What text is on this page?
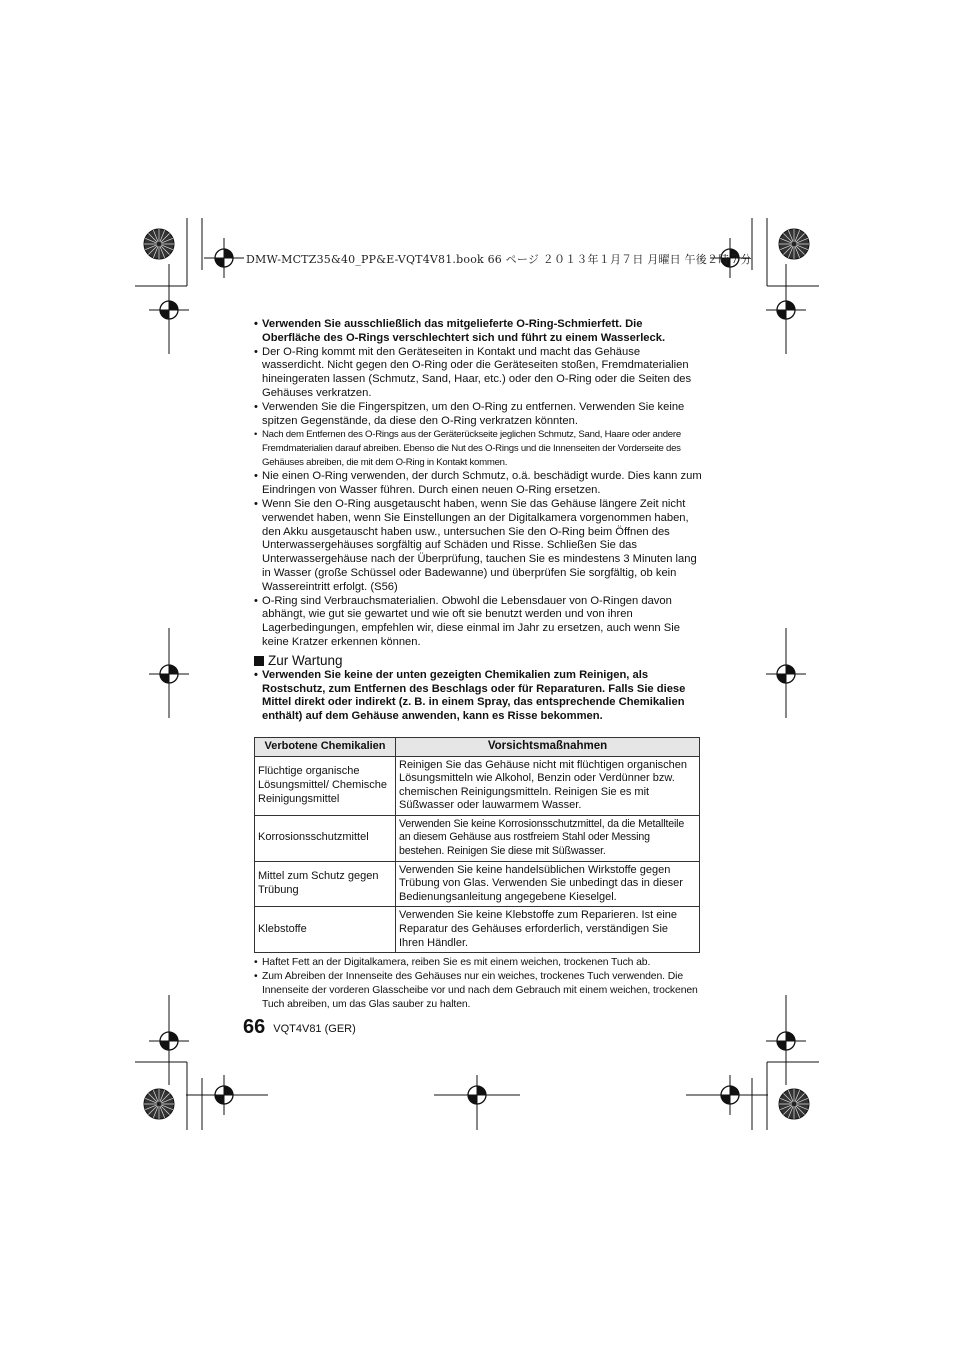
DMW-MCTZ35&40_PP&E-VQT4V81.book 66 ページ ２０１３年１月７日 月曜日 午後２時７分
• Verwenden Sie ausschließlich das mitgelieferte O-Ring-Schmierfett. Die Oberfläche des O-Rings verschlechtert sich und führt zu einem Wasserleck.
• Der O-Ring kommt mit den Geräteseiten in Kontakt und macht das Gehäuse wasserdicht. Nicht gegen den O-Ring oder die Geräteseiten stoßen, Fremdmaterialien hineingeraten lassen (Schmutz, Sand, Haar, etc.) oder den O-Ring oder die Seiten des Gehäuses verkratzen.
• Verwenden Sie die Fingerspitzen, um den O-Ring zu entfernen. Verwenden Sie keine spitzen Gegenstände, da diese den O-Ring verkratzen könnten.
• Nach dem Entfernen des O-Rings aus der Geräterückseite jeglichen Schmutz, Sand, Haare oder andere Fremdmaterialien darauf abreiben. Ebenso die Nut des O-Rings und die Innenseiten der Vorderseite des Gehäuses abreiben, die mit dem O-Ring in Kontakt kommen.
• Nie einen O-Ring verwenden, der durch Schmutz, o.ä. beschädigt wurde. Dies kann zum Eindringen von Wasser führen. Durch einen neuen O-Ring ersetzen.
• Wenn Sie den O-Ring ausgetauscht haben, wenn Sie das Gehäuse längere Zeit nicht verwendet haben, wenn Sie Einstellungen an der Digitalkamera vorgenommen haben, den Akku ausgetauscht haben usw., untersuchen Sie den O-Ring beim Öffnen des Unterwassergehäuses sorgfältig auf Schäden und Risse. Schließen Sie das Unterwassergehäuse nach der Überprüfung, tauchen Sie es mindestens 3 Minuten lang in Wasser (große Schüssel oder Badewanne) und überprüfen Sie sorgfältig, ob kein Wassereintritt erfolgt. (S56)
• O-Ring sind Verbrauchsmaterialien. Obwohl die Lebensdauer von O-Ringen davon abhängt, wie gut sie gewartet und wie oft sie benutzt werden und von ihren Lagerbedingungen, empfehlen wir, diese einmal im Jahr zu ersetzen, auch wenn Sie keine Kratzer erkennen können.
Zur Wartung
• Verwenden Sie keine der unten gezeigten Chemikalien zum Reinigen, als Rostschutz, zum Entfernen des Beschlags oder für Reparaturen. Falls Sie diese Mittel direkt oder indirekt (z. B. in einem Spray, das entsprechende Chemikalien enthält) auf dem Gehäuse anwenden, kann es Risse bekommen.
Verbotene Chemikalien	Vorsichtsmaßnahmen
Flüchtige organische Lösungsmittel/ Chemische Reinigungsmittel	Reinigen Sie das Gehäuse nicht mit flüchtigen organischen Lösungsmitteln wie Alkohol, Benzin oder Verdünner bzw. chemischen Reinigungsmitteln. Reinigen Sie es mit Süßwasser oder lauwarmem Wasser.
Korrosionsschutzmittel	Verwenden Sie keine Korrosionsschutzmittel, da die Metallteile an diesem Gehäuse aus rostfreiem Stahl oder Messing bestehen. Reinigen Sie diese mit Süßwasser.
Mittel zum Schutz gegen Trübung	Verwenden Sie keine handelsüblichen Wirkstoffe gegen Trübung von Glas. Verwenden Sie unbedingt das in dieser Bedienungsanleitung angegebene Kieselgel.
Klebstoffe	Verwenden Sie keine Klebstoffe zum Reparieren. Ist eine Reparatur des Gehäuses erforderlich, verständigen Sie Ihren Händler.
• Haftet Fett an der Digitalkamera, reiben Sie es mit einem weichen, trockenen Tuch ab.
• Zum Abreiben der Innenseite des Gehäuses nur ein weiches, trockenes Tuch verwenden. Die Innenseite der vorderen Glasscheibe vor und nach dem Gebrauch mit einem weichen, trockenen Tuch abreiben, um das Glas sauber zu halten.
66 VQT4V81 (GER)
